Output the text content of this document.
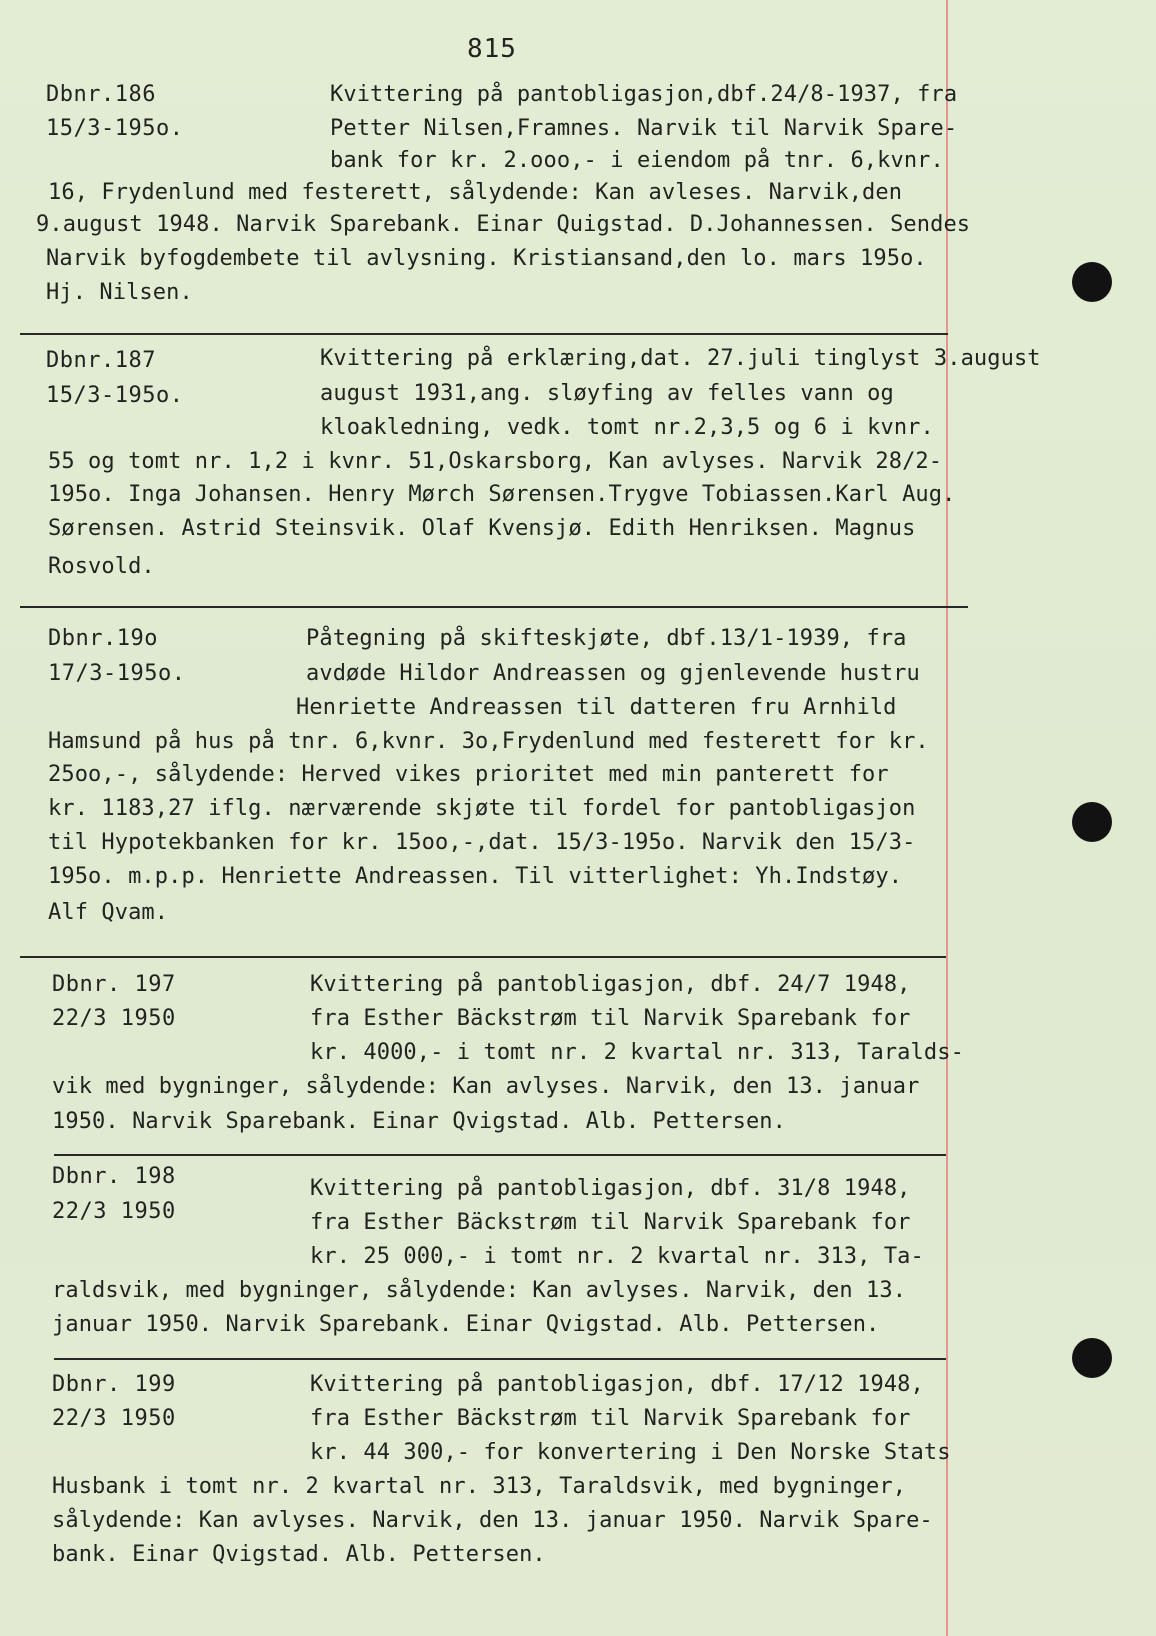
815
Dbnr.186
15/3-195o.
Kvittering på pantobligasjon,dbf.24/8-1937, fra
Petter Nilsen,Framnes. Narvik til Narvik Spare-
bank for kr. 2.ooo,- i eiendom på tnr. 6,kvnr.
16, Frydenlund med festerett, sålydende: Kan avleses. Narvik,den
9.august 1948. Narvik Sparebank. Einar Quigstad. D.Johannessen. Sendes
Narvik byfogdembete til avlysning. Kristiansand,den lo. mars 195o.
Hj. Nilsen.
Dbnr.187
15/3-195o.
Kvittering på erklæring,dat. 27.juli tinglyst 3.august
august 1931,ang. sløyfing av felles vann og
kloakledning, vedk. tomt nr.2,3,5 og 6 i kvnr.
55 og tomt nr. 1,2 i kvnr. 51,Oskarsborg, Kan avlyses. Narvik 28/2-
195o. Inga Johansen. Henry Mørch Sørensen.Trygve Tobiassen.Karl Aug.
Sørensen. Astrid Steinsvik. Olaf Kvensjø. Edith Henriksen. Magnus
Rosvold.
Dbnr.19o
17/3-195o.
Påtegning på skifteskjøte, dbf.13/1-1939, fra
avdøde Hildor Andreassen og gjenlevende hustru
Henriette Andreassen til datteren fru Arnhild
Hamsund på hus på tnr. 6,kvnr. 3o,Frydenlund med festerett for kr.
25oo,-, sålydende: Herved vikes prioritet med min panterett for
kr. 1183,27 iflg. nærværende skjøte til fordel for pantobligasjon
til Hypotekbanken for kr. 15oo,-,dat. 15/3-195o. Narvik den 15/3-
195o. m.p.p. Henriette Andreassen. Til vitterlighet: Yh.Indstøy.
Alf Qvam.
Dbnr. 197
22/3 1950
Kvittering på pantobligasjon, dbf. 24/7 1948,
fra Esther Bäckstrøm til Narvik Sparebank for
kr. 4000,- i tomt nr. 2 kvartal nr. 313, Taralds-
vik med bygninger, sålydende: Kan avlyses. Narvik, den 13. januar
1950. Narvik Sparebank. Einar Qvigstad. Alb. Pettersen.
Dbnr. 198
22/3 1950
Kvittering på pantobligasjon, dbf. 31/8 1948,
fra Esther Bäckstrøm til Narvik Sparebank for
kr. 25 000,- i tomt nr. 2 kvartal nr. 313, Ta-
raldsvik, med bygninger, sålydende: Kan avlyses. Narvik, den 13.
januar 1950. Narvik Sparebank. Einar Qvigstad. Alb. Pettersen.
Dbnr. 199
22/3 1950
Kvittering på pantobligasjon, dbf. 17/12 1948,
fra Esther Bäckstrøm til Narvik Sparebank for
kr. 44 300,- for konvertering i Den Norske Stats
Husbank i tomt nr. 2 kvartal nr. 313, Taraldsvik, med bygninger,
sålydende: Kan avlyses. Narvik, den 13. januar 1950. Narvik Spare-
bank. Einar Qvigstad. Alb. Pettersen.
